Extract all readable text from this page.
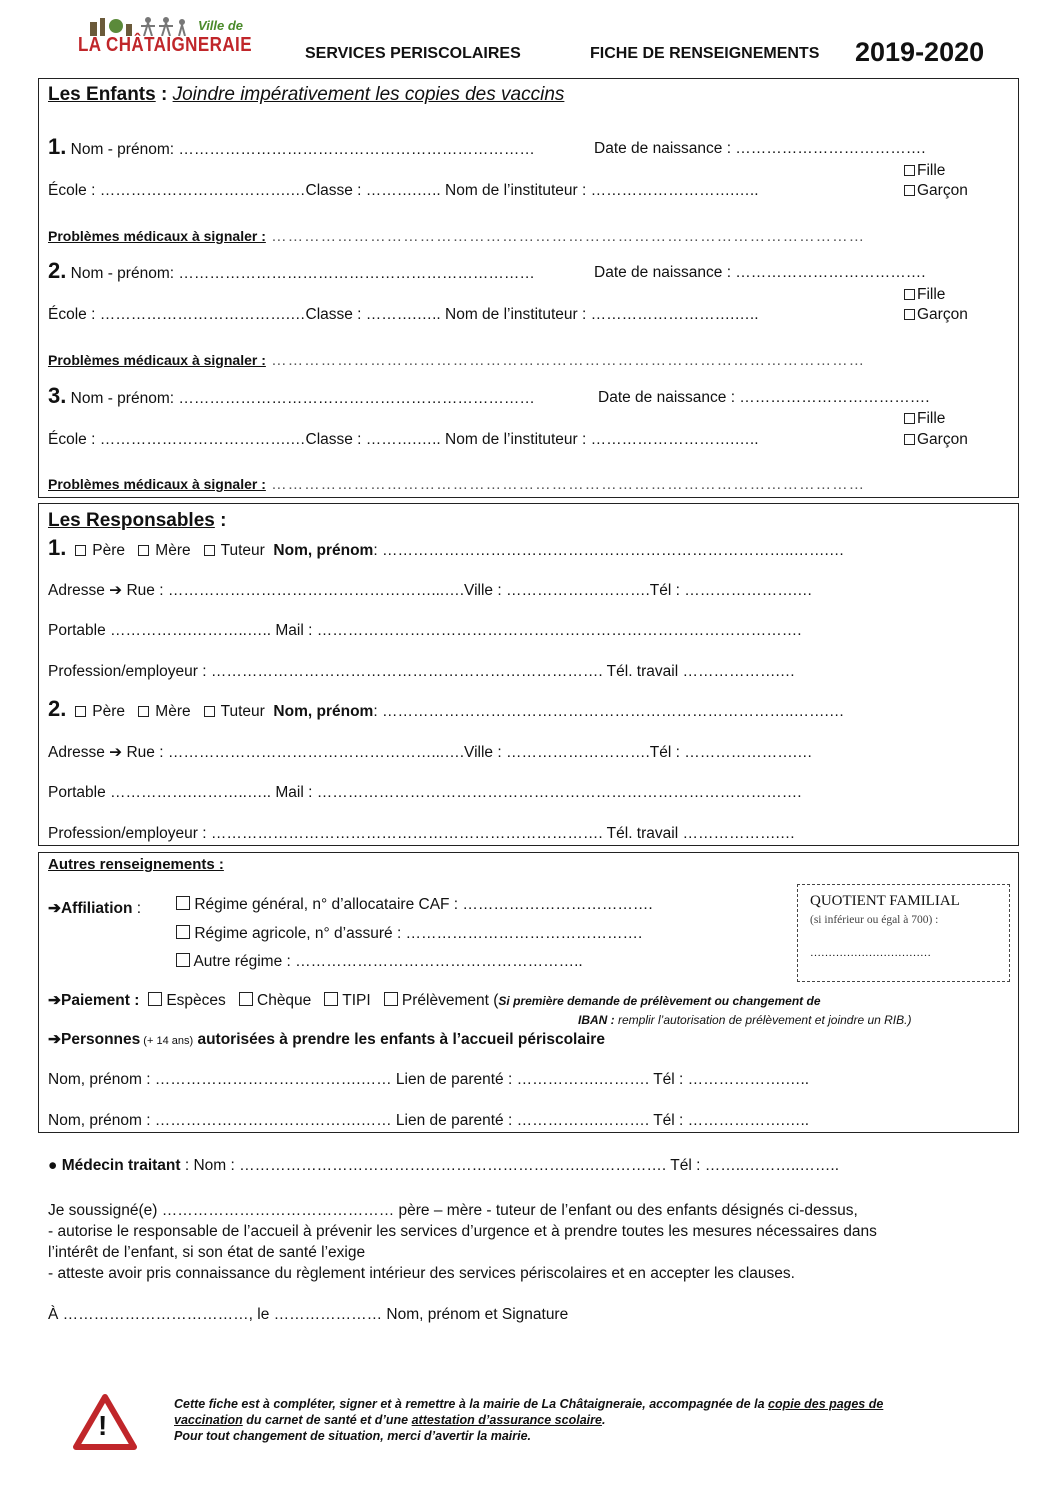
Ville de
LA CHÂTAIGNERAIE	SERVICES PERISCOLAIRES	FICHE DE RENSEIGNEMENTS 2019-2020
Les Enfants : Joindre impérativement les copies des vaccins
1. Nom - prénom: ……………………………………………………………	Date de naissance : ……………………………….
Fille
École : ……………………………….…Classe : ……….….. Nom de l’instituteur : ……………………….…..	Garçon
Problèmes médicaux à signaler : ………………………………………………………………………………………………
2. Nom - prénom: ……………………………………………………………	Date de naissance : ……………………………….
Fille
École : ……………………………….…Classe : ……….….. Nom de l’instituteur : ……………………….…..	Garçon
Problèmes médicaux à signaler : ………………………………………………………………………………………………
3. Nom - prénom: ……………………………………………………………	Date de naissance : ……………………………….
Fille
École : ……………………………….…Classe : ……….….. Nom de l’instituteur : ……………………….…..	Garçon
Problèmes médicaux à signaler : ………………………………………………………………………………………………
Les Responsables :
1. Père Mère Tuteur Nom, prénom: ……………………………………………………………………..…….…
Adresse ➔ Rue : ……………………………………………...….Ville : ……………………….Tél : ………………….…
Portable …………….………..….. Mail : ………………………………………………………………………………….
Profession/employeur : …………………………………………………………………. Tél. travail ……………….…
2. Père Mère Tuteur Nom, prénom: ……………………………………………………………………..…….…
Adresse ➔ Rue : ……………………………………………...….Ville : ……………………….Tél : ………………….…
Portable …………….………..….. Mail : ………………………………………………………………………………….
Profession/employeur : …………………………………………………………………. Tél. travail ……………….…
Autres renseignements :
➔Affiliation :	Régime général, n° d’allocataire CAF : ……………………………….
Régime agricole, n° d’assuré : ……………………………………….
Autre régime : ………………………………………………..
QUOTIENT FAMILIAL
(si inférieur ou égal à 700) :
……………………………
➔Paiement : Espèces Chèque TIPI Prélèvement (Si première demande de prélèvement ou changement de
IBAN : remplir l’autorisation de prélèvement et joindre un RIB.)
➔Personnes (+ 14 ans) autorisées à prendre les enfants à l’accueil périscolaire
Nom, prénom : ………………………………….…… Lien de parenté : …………….………. Tél : ……………….…..
Nom, prénom : ………………………………….…… Lien de parenté : …………….………. Tél : ……………….…..
● Médecin traitant : Nom : ………………………………………………………….……………. Tél : ……..………..……..
Je soussigné(e) ……………………………………… père – mère - tuteur de l’enfant ou des enfants désignés ci-dessus,
- autorise le responsable de l’accueil à prévenir les services d’urgence et à prendre toutes les mesures nécessaires dans
l’intérêt de l’enfant, si son état de santé l’exige
- atteste avoir pris connaissance du règlement intérieur des services périscolaires et en accepter les clauses.
À ………………………………, le ………………… Nom, prénom et Signature
!
Cette fiche est à compléter, signer et à remettre à la mairie de La Châtaigneraie, accompagnée de la copie des pages de
vaccination du carnet de santé et d’une attestation d’assurance scolaire.
Pour tout changement de situation, merci d’avertir la mairie.
